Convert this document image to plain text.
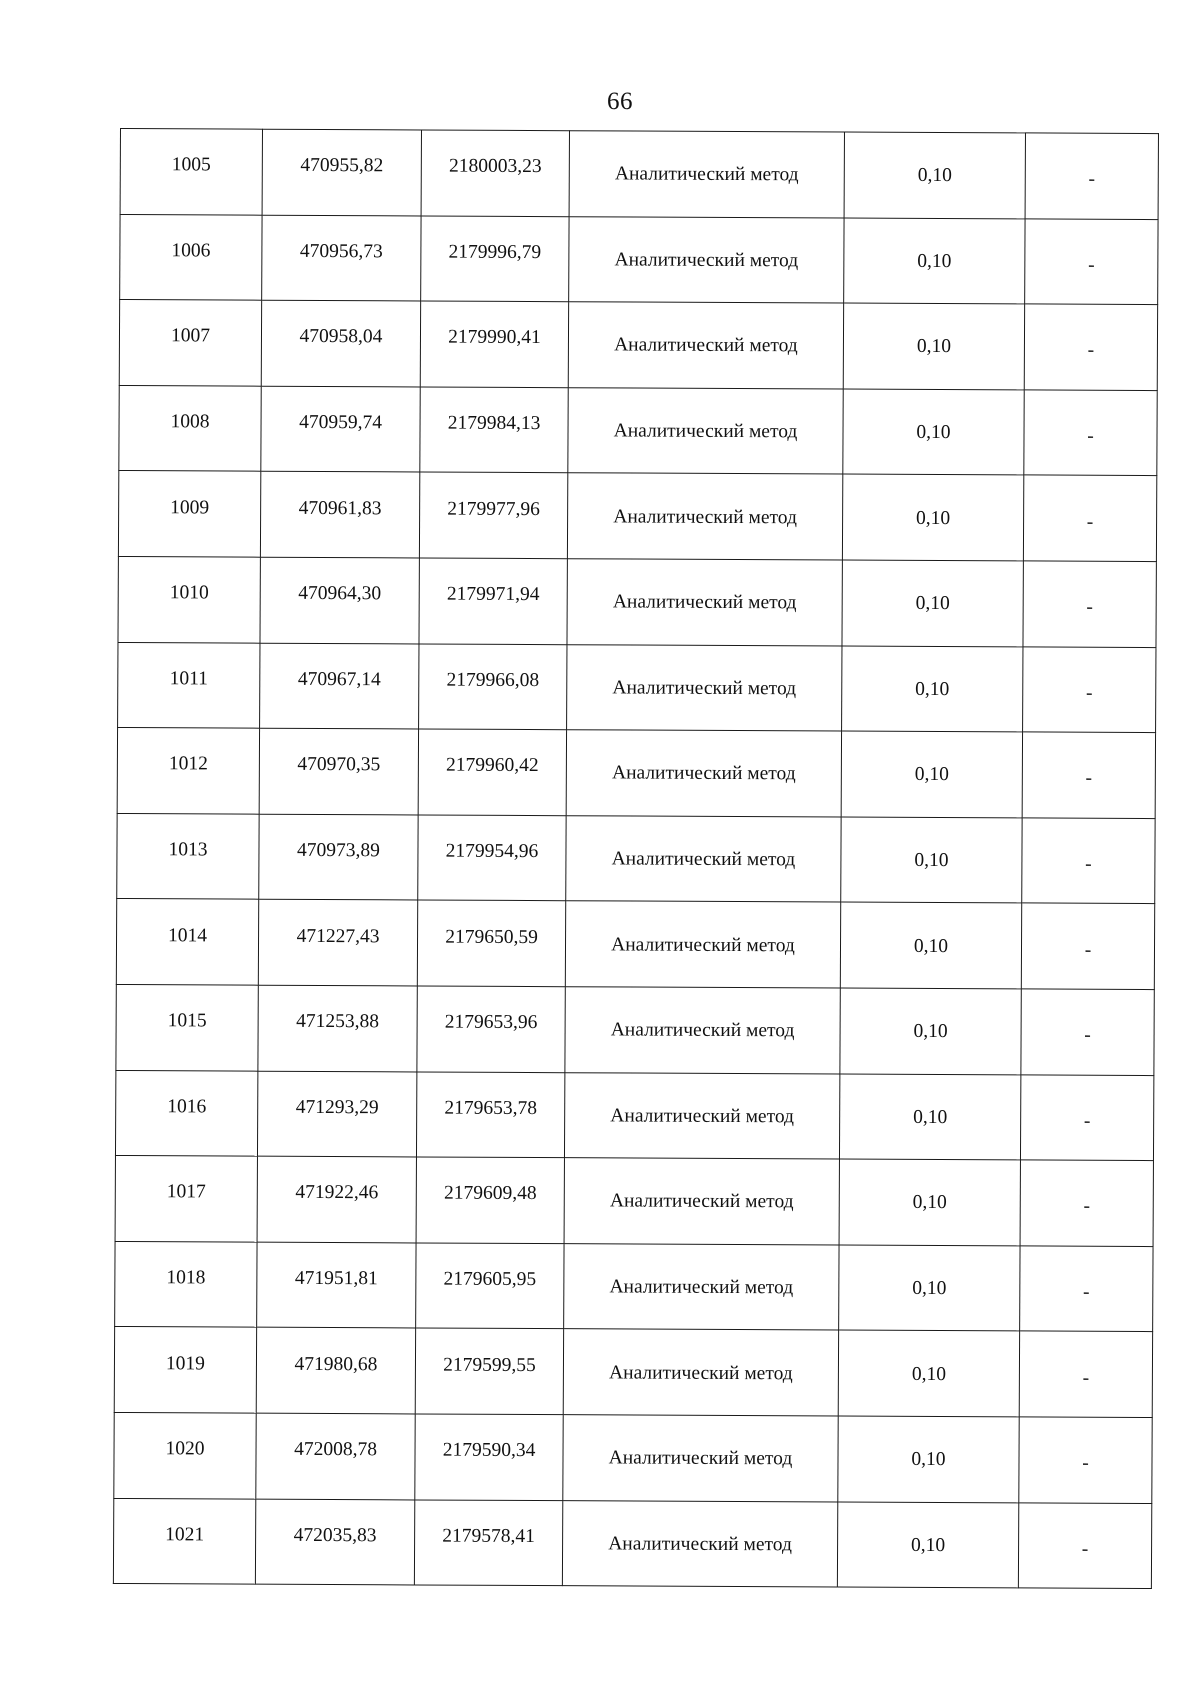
66
1005	470955,82	2180003,23	Аналитический метод	0,10	-
1006	470956,73	2179996,79	Аналитический метод	0,10	-
1007	470958,04	2179990,41	Аналитический метод	0,10	-
1008	470959,74	2179984,13	Аналитический метод	0,10	-
1009	470961,83	2179977,96	Аналитический метод	0,10	-
1010	470964,30	2179971,94	Аналитический метод	0,10	-
1011	470967,14	2179966,08	Аналитический метод	0,10	-
1012	470970,35	2179960,42	Аналитический метод	0,10	-
1013	470973,89	2179954,96	Аналитический метод	0,10	-
1014	471227,43	2179650,59	Аналитический метод	0,10	-
1015	471253,88	2179653,96	Аналитический метод	0,10	-
1016	471293,29	2179653,78	Аналитический метод	0,10	-
1017	471922,46	2179609,48	Аналитический метод	0,10	-
1018	471951,81	2179605,95	Аналитический метод	0,10	-
1019	471980,68	2179599,55	Аналитический метод	0,10	-
1020	472008,78	2179590,34	Аналитический метод	0,10	-
1021	472035,83	2179578,41	Аналитический метод	0,10	-
